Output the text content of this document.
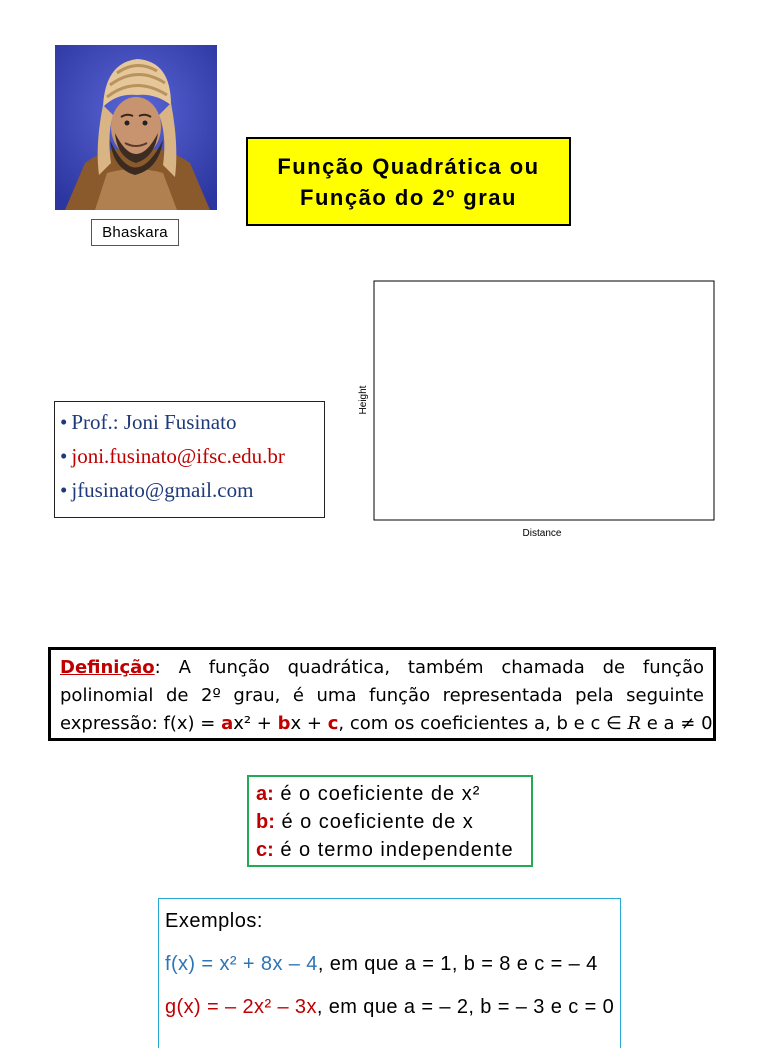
Bhaskara
Função Quadrática ou
Função do 2º grau
• Prof.: Joni Fusinato
• joni.fusinato@ifsc.edu.br
• jfusinato@gmail.com
Height
Distance
Definição: A função quadrática, também chamada de função
polinomial de 2º grau, é uma função representada pela seguinte
expressão: f(x) = ax² + bx + c, com os coeficientes a, b e c ∈ R e a ≠ 0
a: é o coeficiente de x²
b: é o coeficiente de x
c: é o termo independente
Exemplos:
f(x) = x² + 8x – 4, em que a = 1, b = 8 e c = – 4
g(x) = – 2x² – 3x, em que a = – 2, b = – 3 e c = 0
